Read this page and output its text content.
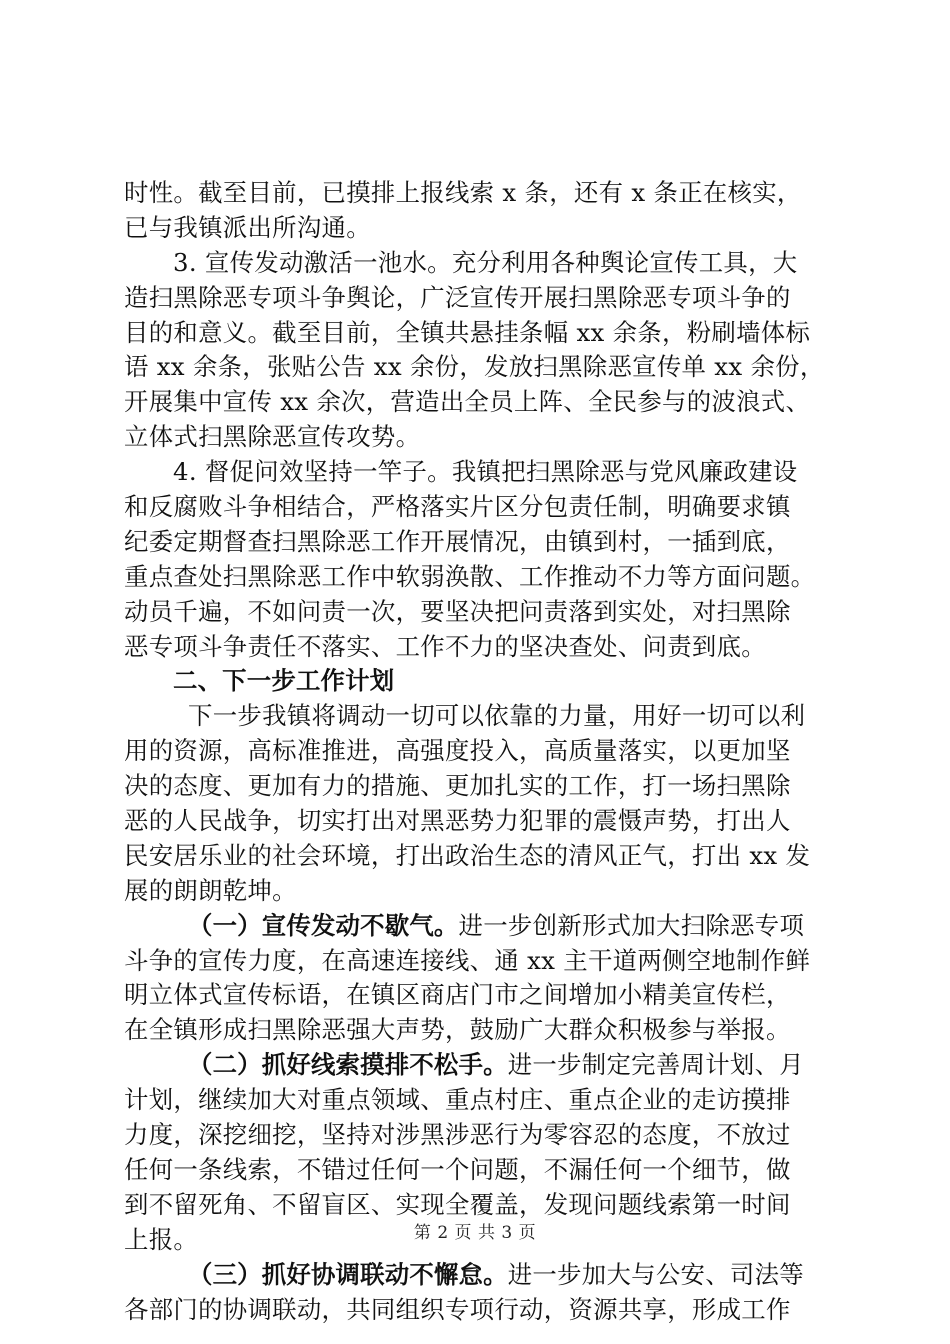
时性。截至目前，已摸排上报线索 x 条，还有 x 条正在核实，
已与我镇派出所沟通。
3. 宣传发动激活一池水。充分利用各种舆论宣传工具，大
造扫黑除恶专项斗争舆论，广泛宣传开展扫黑除恶专项斗争的
目的和意义。截至目前，全镇共悬挂条幅 xx 余条，粉刷墙体标
语 xx 余条，张贴公告 xx 余份，发放扫黑除恶宣传单 xx 余份，
开展集中宣传 xx 余次，营造出全员上阵、全民参与的波浪式、
立体式扫黑除恶宣传攻势。
4. 督促问效坚持一竿子。我镇把扫黑除恶与党风廉政建设
和反腐败斗争相结合，严格落实片区分包责任制，明确要求镇
纪委定期督查扫黑除恶工作开展情况，由镇到村，一插到底，
重点查处扫黑除恶工作中软弱涣散、工作推动不力等方面问题。
动员千遍，不如问责一次，要坚决把问责落到实处，对扫黑除
恶专项斗争责任不落实、工作不力的坚决查处、问责到底。
二、下一步工作计划
下一步我镇将调动一切可以依靠的力量，用好一切可以利
用的资源，高标准推进，高强度投入，高质量落实，以更加坚
决的态度、更加有力的措施、更加扎实的工作，打一场扫黑除
恶的人民战争，切实打出对黑恶势力犯罪的震慑声势，打出人
民安居乐业的社会环境，打出政治生态的清风正气，打出 xx 发
展的朗朗乾坤。
（一）宣传发动不歇气。进一步创新形式加大扫除恶专项
斗争的宣传力度，在高速连接线、通 xx 主干道两侧空地制作鲜
明立体式宣传标语，在镇区商店门市之间增加小精美宣传栏，
在全镇形成扫黑除恶强大声势，鼓励广大群众积极参与举报。
（二）抓好线索摸排不松手。进一步制定完善周计划、月
计划，继续加大对重点领域、重点村庄、重点企业的走访摸排
力度，深挖细挖，坚持对涉黑涉恶行为零容忍的态度，不放过
任何一条线索，不错过任何一个问题，不漏任何一个细节，做
到不留死角、不留盲区、实现全覆盖，发现问题线索第一时间
上报。
（三）抓好协调联动不懈怠。进一步加大与公安、司法等
各部门的协调联动，共同组织专项行动，资源共享，形成工作
第 2 页 共 3 页
